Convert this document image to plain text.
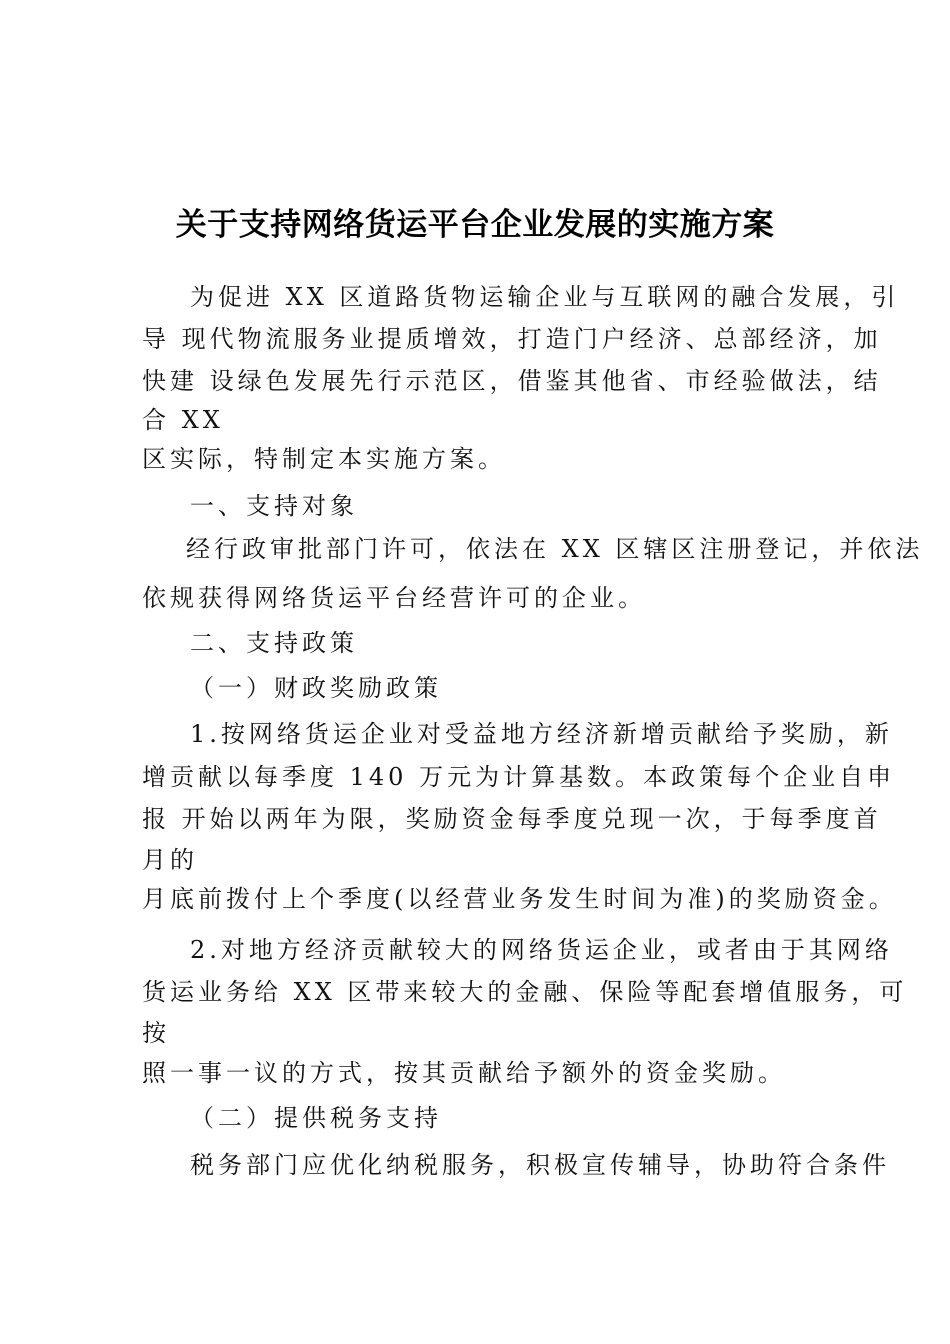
关于支持网络货运平台企业发展的实施方案
为促进 XX 区道路货物运输企业与互联网的融合发展，引
导 现代物流服务业提质增效，打造门户经济、总部经济，加
快建 设绿色发展先行示范区，借鉴其他省、市经验做法，结
合 XX
区实际，特制定本实施方案。
一、支持对象
经行政审批部门许可，依法在 XX 区辖区注册登记，并依法
依规获得网络货运平台经营许可的企业。
二、支持政策
（一）财政奖励政策
1.按网络货运企业对受益地方经济新增贡献给予奖励，新
增贡献以每季度 140 万元为计算基数。本政策每个企业自申
报 开始以两年为限，奖励资金每季度兑现一次，于每季度首
月的
月底前拨付上个季度(以经营业务发生时间为准)的奖励资金。
2.对地方经济贡献较大的网络货运企业，或者由于其网络
货运业务给 XX 区带来较大的金融、保险等配套增值服务，可
按
照一事一议的方式，按其贡献给予额外的资金奖励。
（二）提供税务支持
税务部门应优化纳税服务，积极宣传辅导，协助符合条件
